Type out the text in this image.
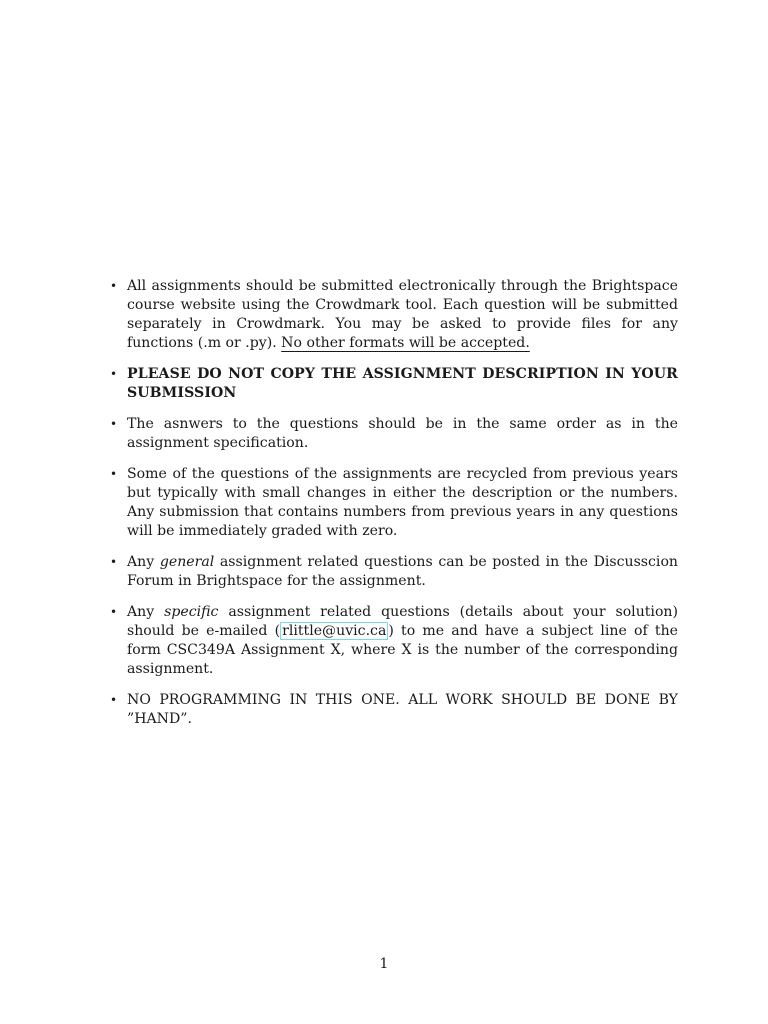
• All assignments should be submitted electronically through the Brightspace course website using the Crowdmark tool. Each question will be submitted separately in Crowdmark. You may be asked to provide files for any functions (.m or .py). No other formats will be accepted.
• PLEASE DO NOT COPY THE ASSIGNMENT DESCRIPTION IN YOUR SUBMISSION
• The asnwers to the questions should be in the same order as in the assignment specification.
• Some of the questions of the assignments are recycled from previous years but typically with small changes in either the description or the numbers. Any submission that contains numbers from previous years in any questions will be immediately graded with zero.
• Any general assignment related questions can be posted in the Discusscion Forum in Brightspace for the assignment.
• Any specific assignment related questions (details about your solution) should be e-mailed ( rlittle@uvic.ca ) to me and have a subject line of the form CSC349A Assignment X, where X is the number of the corresponding assignment.
• NO PROGRAMMING IN THIS ONE. ALL WORK SHOULD BE DONE BY ”HAND”.
1
